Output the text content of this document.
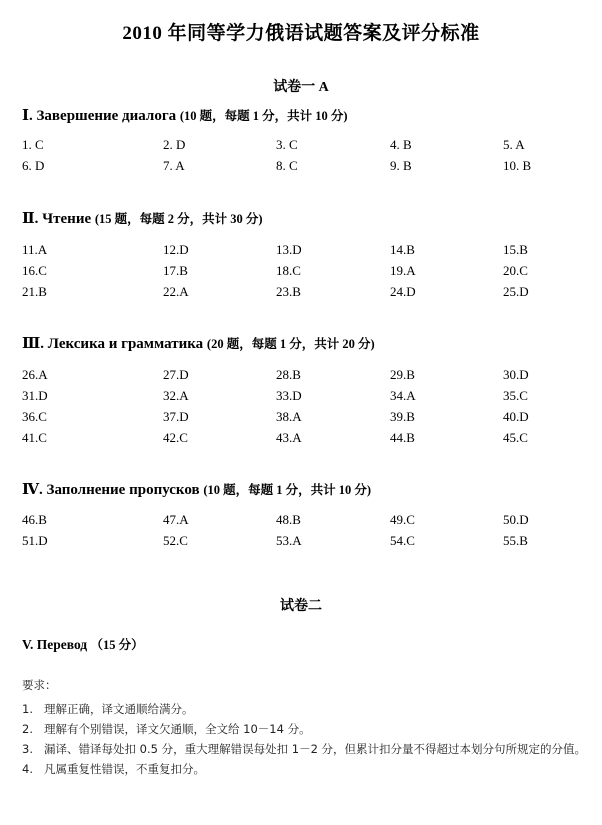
2010 年同等学力俄语试题答案及评分标准
试卷一 A
Ⅰ. Завершение диалога (10 题，每题 1 分，共计 10 分)
1. C	2. D	3. C	4. B	5. A
6. D	7. A	8. C	9. B	10. B
Ⅱ. Чтение (15 题，每题 2 分，共计 30 分)
11.A	12.D	13.D	14.B	15.B
16.C	17.B	18.C	19.A	20.C
21.B	22.A	23.B	24.D	25.D
Ⅲ. Лексика и грамматика (20 题，每题 1 分，共计 20 分)
26.A	27.D	28.B	29.B	30.D
31.D	32.A	33.D	34.A	35.C
36.C	37.D	38.A	39.B	40.D
41.C	42.C	43.A	44.B	45.C
Ⅳ. Заполнение пропусков (10 题，每题 1 分，共计 10 分)
46.B	47.A	48.B	49.C	50.D
51.D	52.C	53.A	54.C	55.B
试卷二
V. Перевод （15 分）
要求：
1. 理解正确，译文通顺给满分。
2. 理解有个别错误，译文欠通顺，全文给 10－14 分。
3. 漏译、错译每处扣 0.5 分，重大理解错误每处扣 1－2 分，但累计扣分量不得超过本划分句所规定的分值。
4. 凡属重复性错误，不重复扣分。
